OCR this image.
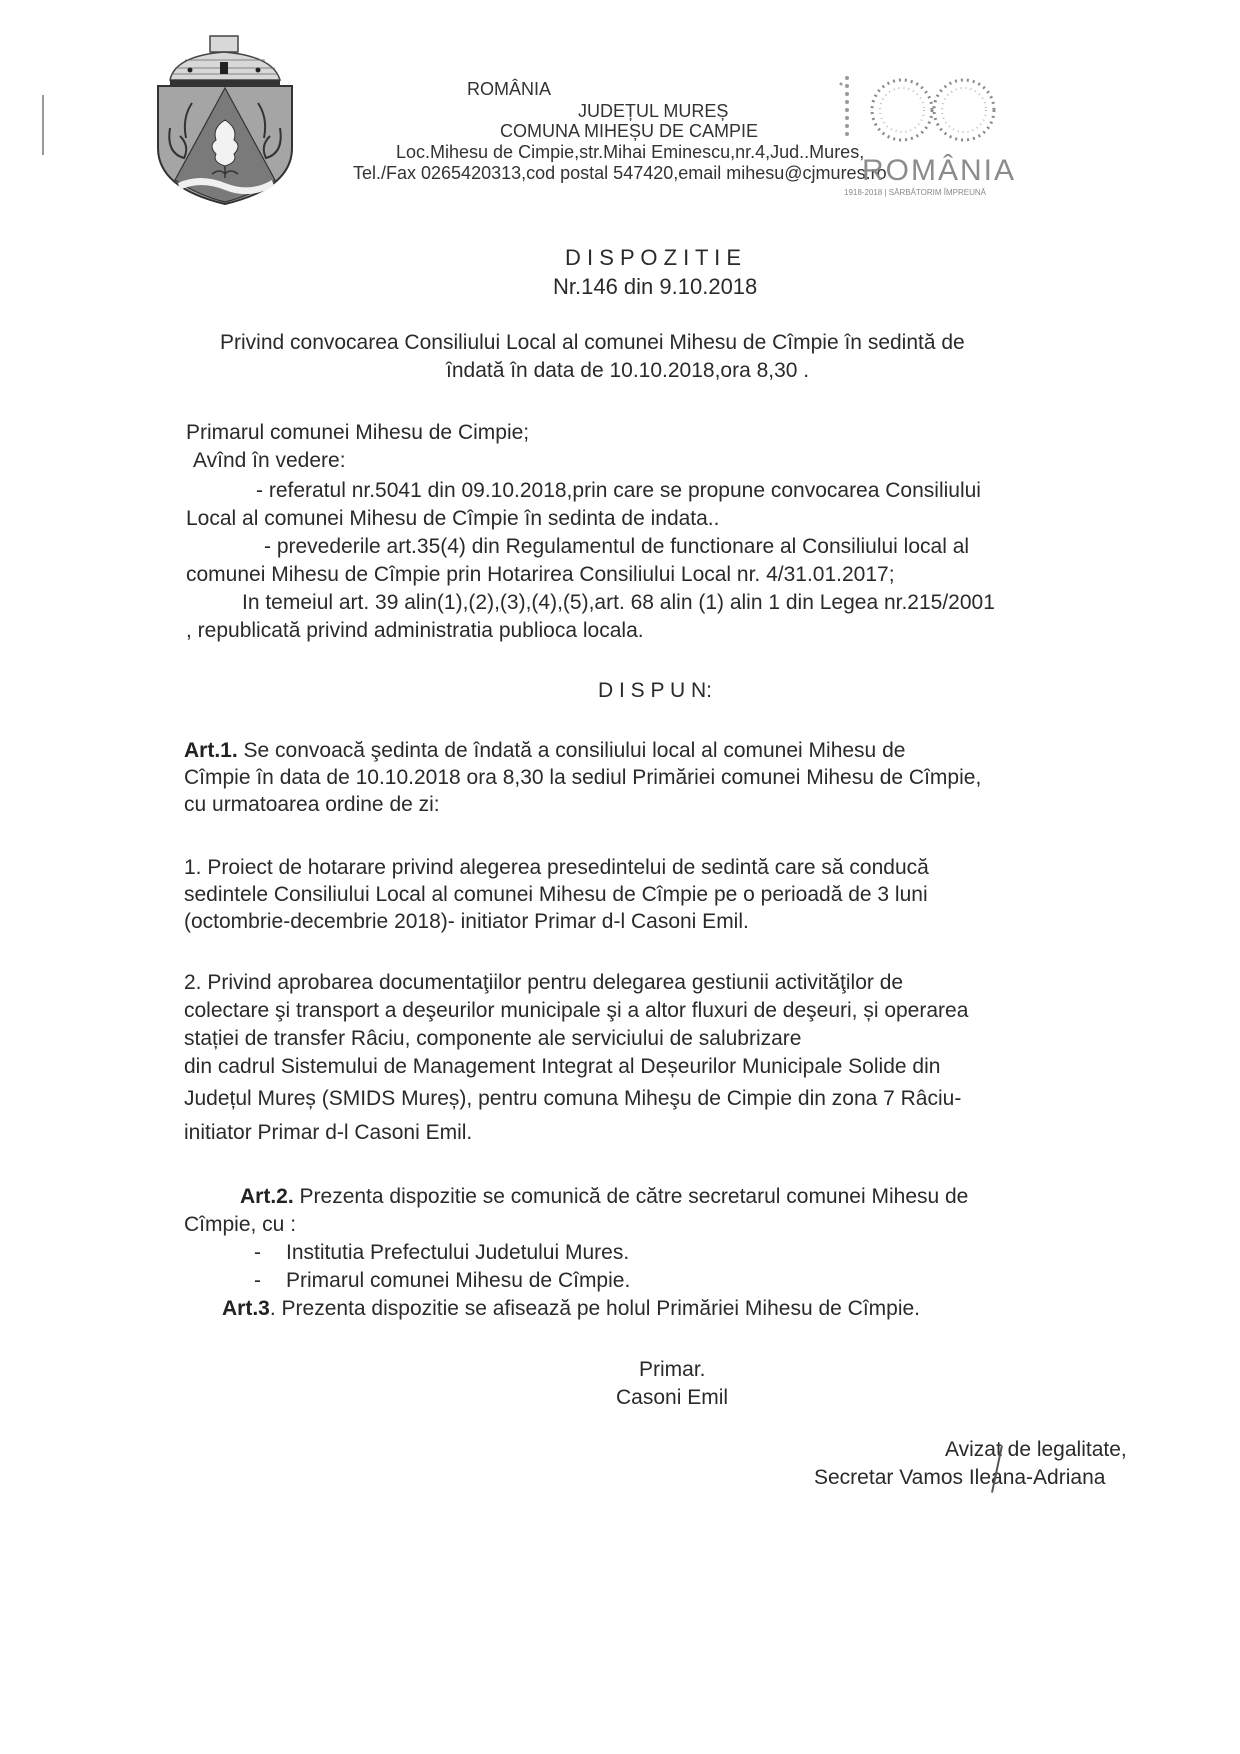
ROMÂNIA
JUDEȚUL MUREȘ
COMUNA MIHEȘU DE CAMPIE
Loc.Mihesu de Cimpie,str.Mihai Eminescu,nr.4,Jud..Mures,
Tel./Fax 0265420313,cod postal 547420,email mihesu@cjmures.ro
ROMÂNIA
1918-2018 | SĂRBĂTORIM ÎMPREUNĂ
D I S P O Z I T I E
Nr.146 din 9.10.2018
Privind convocarea Consiliului Local al comunei Mihesu de Cîmpie în sedintă de
îndată în data de 10.10.2018,ora 8,30 .
Primarul comunei Mihesu de Cimpie;
Avînd în vedere:
- referatul nr.5041 din 09.10.2018,prin care se propune convocarea Consiliului
Local al comunei Mihesu de Cîmpie în sedinta de indata..
- prevederile art.35(4) din Regulamentul de functionare al Consiliului local al
comunei Mihesu de Cîmpie prin Hotarirea Consiliului Local nr. 4/31.01.2017;
In temeiul art. 39 alin(1),(2),(3),(4),(5),art. 68 alin (1) alin 1 din Legea nr.215/2001
, republicată privind administratia publioca locala.
D I S P U N:
Art.1. Se convoacă şedinta de îndată a consiliului local al comunei Mihesu de
Cîmpie în data de 10.10.2018 ora 8,30 la sediul Primăriei comunei Mihesu de Cîmpie,
cu urmatoarea ordine de zi:
1. Proiect de hotarare privind alegerea presedintelui de sedintă care să conducă
sedintele Consiliului Local al comunei Mihesu de Cîmpie pe o perioadă de 3 luni
(octombrie-decembrie 2018)- initiator Primar d-l Casoni Emil.
2. Privind aprobarea documentaţiilor pentru delegarea gestiunii activităţilor de
colectare şi transport a deşeurilor municipale şi a altor fluxuri de deşeuri, și operarea
stației de transfer Râciu, componente ale serviciului de salubrizare
din cadrul Sistemului de Management Integrat al Deșeurilor Municipale Solide din
Județul Mureș (SMIDS Mureș), pentru comuna Miheşu de Cimpie din zona 7 Râciu-
initiator Primar d-l Casoni Emil.
Art.2. Prezenta dispozitie se comunică de către secretarul comunei Mihesu de
Cîmpie, cu :
- Institutia Prefectului Judetului Mures.
- Primarul comunei Mihesu de Cîmpie.
Art.3. Prezenta dispozitie se afisează pe holul Primăriei Mihesu de Cîmpie.
Primar.
Casoni Emil
Avizat de legalitate,
Secretar Vamos Ileana-Adriana
